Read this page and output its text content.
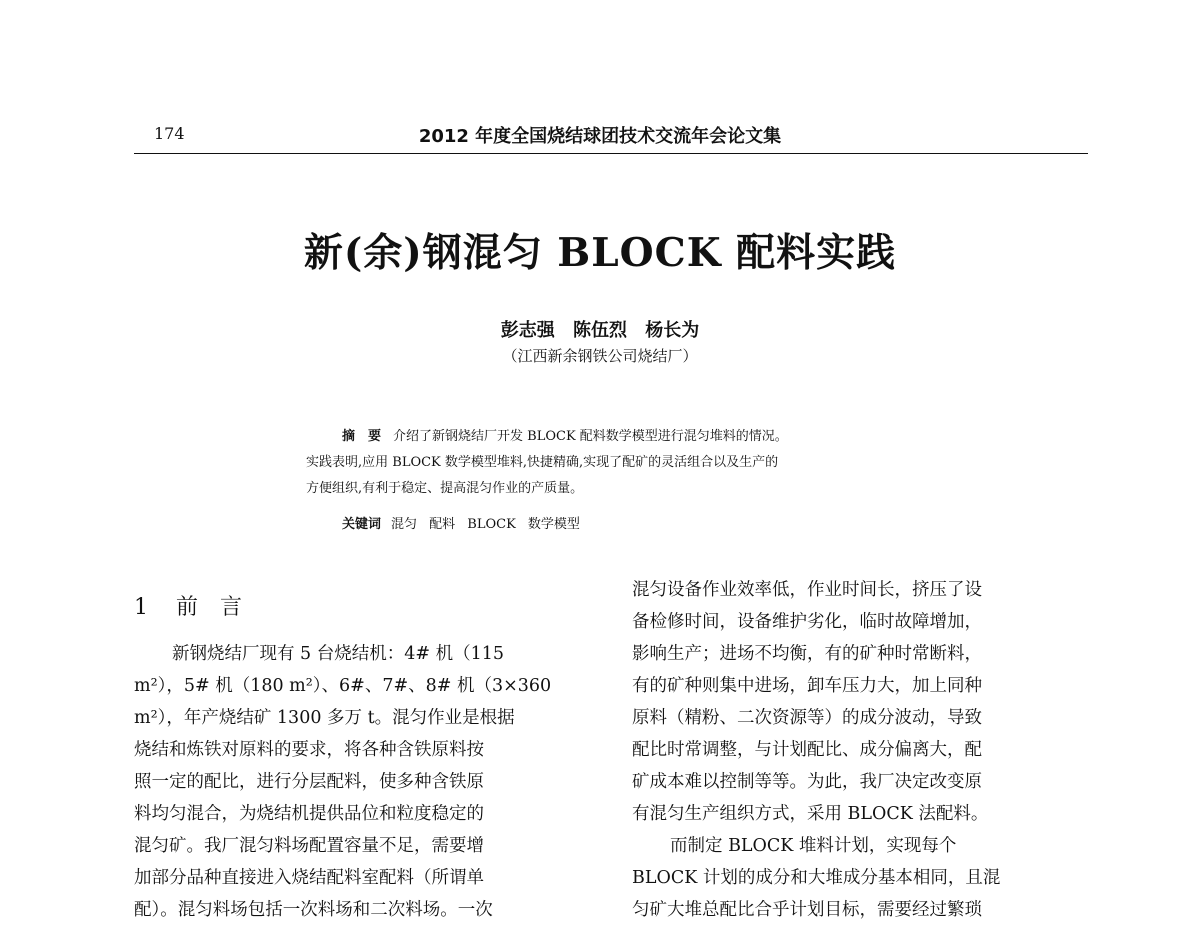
174	2012 年度全国烧结球团技术交流年会论文集
新(余)钢混匀 BLOCK 配料实践
彭志强 陈伍烈 杨长为
（江西新余钢铁公司烧结厂）
摘　要 介绍了新钢烧结厂开发 BLOCK 配料数学模型进行混匀堆料的情况。
实践表明,应用 BLOCK 数学模型堆料,快捷精确,实现了配矿的灵活组合以及生产的
方便组织,有利于稳定、提高混匀作业的产质量。
关键词 混匀 配料 BLOCK 数学模型
1 前言
新钢烧结厂现有 5 台烧结机：4# 机（115
m²），5# 机（180 m²）、6#、7#、8# 机（3×360
m²），年产烧结矿 1300 多万 t。混匀作业是根据
烧结和炼铁对原料的要求，将各种含铁原料按
照一定的配比，进行分层配料，使多种含铁原
料均匀混合，为烧结机提供品位和粒度稳定的
混匀矿。我厂混匀料场配置容量不足，需要增
加部分品种直接进入烧结配料室配料（所谓单
配）。混匀料场包括一次料场和二次料场。一次
混匀设备作业效率低，作业时间长，挤压了设
备检修时间，设备维护劣化，临时故障增加，
影响生产；进场不均衡，有的矿种时常断料，
有的矿种则集中进场，卸车压力大，加上同种
原料（精粉、二次资源等）的成分波动，导致
配比时常调整，与计划配比、成分偏离大，配
矿成本难以控制等等。为此，我厂决定改变原
有混匀生产组织方式，采用 BLOCK 法配料。
而制定 BLOCK 堆料计划，实现每个
BLOCK 计划的成分和大堆成分基本相同，且混
匀矿大堆总配比合乎计划目标，需要经过繁琐
